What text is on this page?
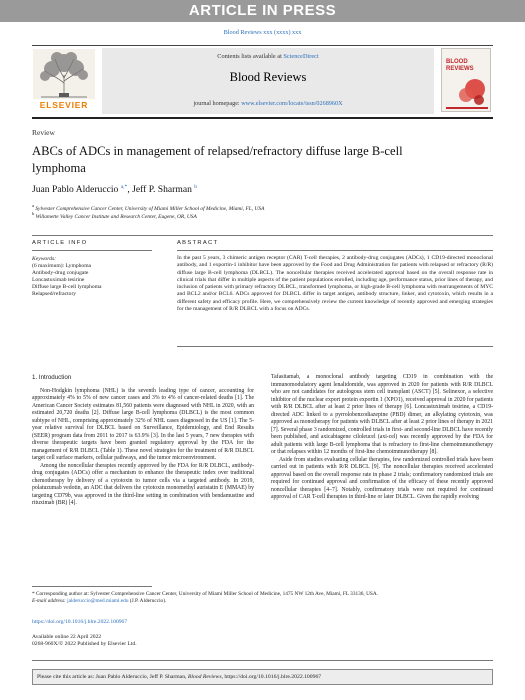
ARTICLE IN PRESS
Blood Reviews xxx (xxxx) xxx
ELSEVIER
Contents lists available at ScienceDirect
Blood Reviews
journal homepage: www.elsevier.com/locate/issn/0268960X
BLOOD REVIEWS
Review
ABCs of ADCs in management of relapsed/refractory diffuse large B-cell lymphoma
Juan Pablo Alderuccio $^{a,*}$, Jeff P. Sharman $^b$
$^a$ Sylvester Comprehensive Cancer Center, University of Miami Miller School of Medicine, Miami, FL, USA
$^b$ Willamette Valley Cancer Institute and Research Center, Eugene, OR, USA
ARTICLE INFO	ABSTRACT
Keywords:
(6 maximum): Lymphoma
Antibody-drug conjugate
Loncastuximab tesirine
Diffuse large B-cell lymphoma
Relapsed/refractory
In the past 5 years, 3 chimeric antigen receptor (CAR) T-cell therapies, 2 antibody-drug conjugates (ADCs), 1 CD19-directed monoclonal antibody, and 1 exportin-1 inhibitor have been approved by the Food and Drug Administration for patients with relapsed or refractory (R/R) diffuse large B-cell lymphoma (DLBCL). The noncellular therapies received accelerated approval based on the overall response rate in clinical trials that differ in multiple aspects of the patient populations enrolled, including age, performance status, prior lines of therapy, and inclusion of patients with primary refractory DLBCL, transformed lymphoma, or high-grade B-cell lymphoma with rearrangements of MYC and BCL2 and/or BCL6. ADCs approved for DLBCL differ in target antigen, antibody structure, linker, and cytotoxin, which results in a different safety and efficacy profile. Here, we comprehensively review the current knowledge of recently approved and emerging strategies for the management of R/R DLBCL with a focus on ADCs.
1. Introduction

Non-Hodgkin lymphoma (NHL) is the seventh leading type of cancer, accounting for approximately 4% to 5% of new cancer cases and 3% to 4% of cancer-related deaths [1]. The American Cancer Society estimates 81,560 patients were diagnosed with NHL in 2020, with an estimated 20,720 deaths [2]. Diffuse large B-cell lymphoma (DLBCL) is the most common subtype of NHL, comprising approximately 32% of NHL cases diagnosed in the US [1]. The 5-year relative survival for DLBCL based on Surveillance, Epidemiology, and End Results (SEER) program data from 2011 to 2017 is 63.9% [3]. In the last 5 years, 7 new therapies with diverse therapeutic targets have been granted regulatory approval by the FDA for the management of R/R DLBCL (Table 1). These novel strategies for the treatment of R/R DLBCL target cell surface markers, cellular pathways, and the tumor microenvironment.

Among the noncellular therapies recently approved by the FDA for R/R DLBCL, antibody-drug conjugates (ADCs) offer a mechanism to enhance the therapeutic index over traditional chemotherapy by delivery of a cytotoxin to tumor cells via a targeted antibody. In 2019, polatuzumab vedotin, an ADC that delivers the cytotoxin monomethyl auristatin E (MMAE) by targeting CD79b, was approved in the third-line setting in combination with bendamustine and rituximab (BR) [4].

Tafasitamab, a monoclonal antibody targeting CD19 in combination with the immunomodulatory agent lenalidomide, was approved in 2020 for patients with R/R DLBCL who are not candidates for autologous stem cell transplant (ASCT) [5]. Selinexor, a selective inhibitor of the nuclear export protein exportin 1 (XPO1), received approval in 2020 for patients with R/R DLBCL after at least 2 prior lines of therapy [6]. Loncastuximab tesirine, a CD19-directed ADC linked to a pyrrolobenzodiazepine (PBD) dimer, an alkylating cytotoxin, was approved as monotherapy for patients with DLBCL after at least 2 prior lines of therapy in 2021 [7]. Several phase 3 randomized, controlled trials in first- and second-line DLBCL have recently been published, and axicabtagene ciloleucel (axi-cel) was recently approved by the FDA for adult patients with large B-cell lymphoma that is refractory to first-line chemoimmunotherapy or that relapses within 12 months of first-line chemoimmunotherapy [8].

Aside from studies evaluating cellular therapies, few randomized controlled trials have been carried out in patients with R/R DLBCL [9]. The noncellular therapies received accelerated approval based on the overall response rate in phase 2 trials; confirmatory randomized trials are required for continued approval and confirmation of the efficacy of these recently approved noncellular therapies [4–7]. Notably, confirmatory trials were not required for continued approval of CAR T-cell therapies in third-line or later DLBCL. Given the rapidly evolving

* Corresponding author at: Sylvester Comprehensive Cancer Center, University of Miami Miller School of Medicine, 1475 NW 12th Ave, Miami, FL 33136, USA.
E-mail address: jalderuccio@med.miami.edu (J.P. Alderuccio).
https://doi.org/10.1016/j.blre.2022.100967
Available online 22 April 2022
0268-960X/© 2022 Published by Elsevier Ltd.
Please cite this article as: Juan Pablo Alderuccio, Jeff P. Sharman, Blood Reviews, https://doi.org/10.1016/j.blre.2022.100967
